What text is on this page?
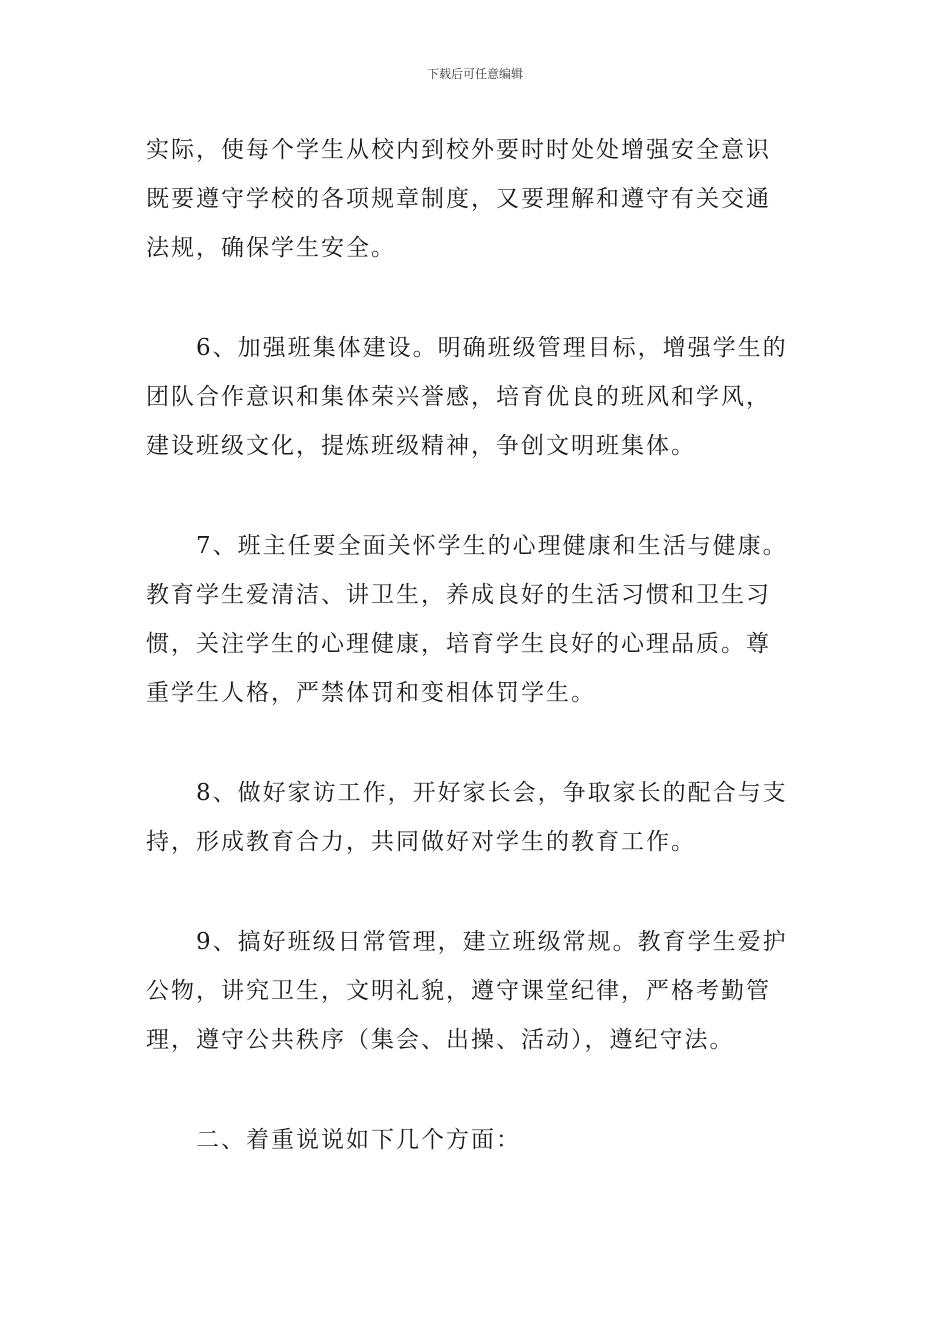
下载后可任意编辑
实际，使每个学生从校内到校外要时时处处增强安全意识
既要遵守学校的各项规章制度，又要理解和遵守有关交通
法规，确保学生安全。
　　6、加强班集体建设。明确班级管理目标，增强学生的
团队合作意识和集体荣兴誉感，培育优良的班风和学风，
建设班级文化，提炼班级精神，争创文明班集体。
　　7、班主任要全面关怀学生的心理健康和生活与健康。
教育学生爱清洁、讲卫生，养成良好的生活习惯和卫生习
惯，关注学生的心理健康，培育学生良好的心理品质。尊
重学生人格，严禁体罚和变相体罚学生。
　　8、做好家访工作，开好家长会，争取家长的配合与支
持，形成教育合力，共同做好对学生的教育工作。
　　9、搞好班级日常管理，建立班级常规。教育学生爱护
公物，讲究卫生，文明礼貌，遵守课堂纪律，严格考勤管
理，遵守公共秩序（集会、出操、活动），遵纪守法。
　　二、着重说说如下几个方面：
